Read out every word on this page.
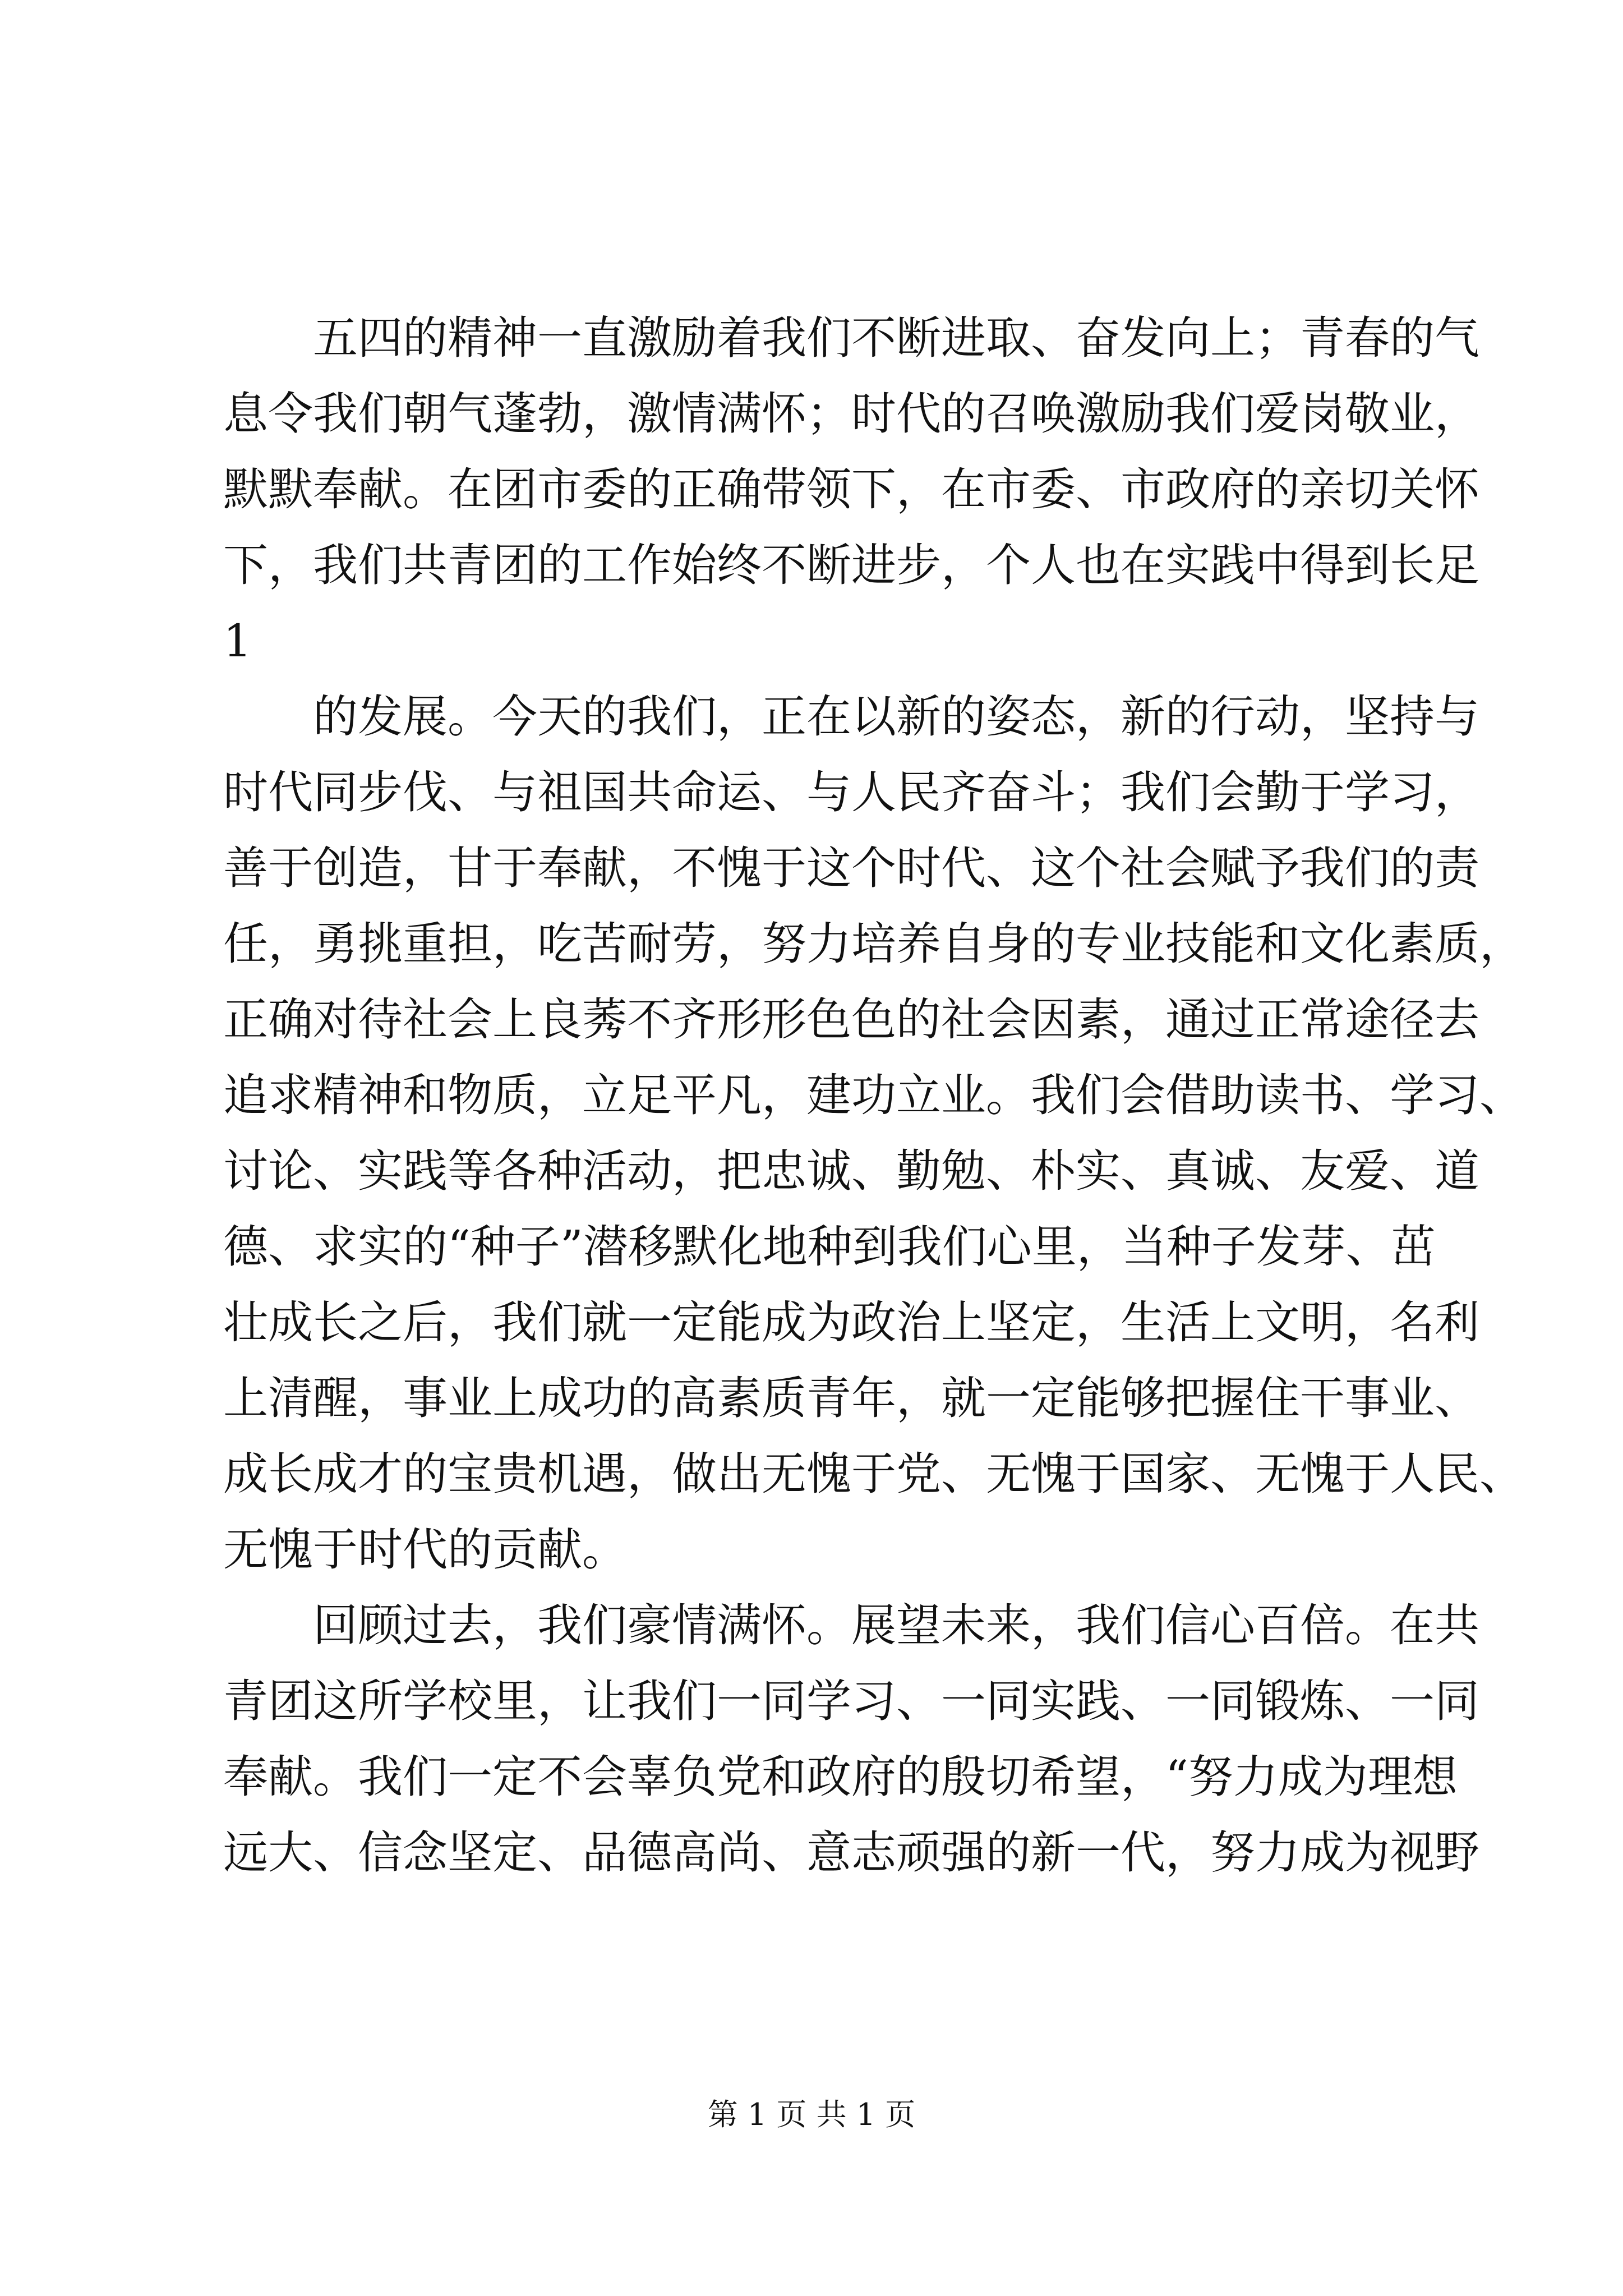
五四的精神一直激励着我们不断进取、奋发向上；青春的气
息令我们朝气蓬勃，激情满怀；时代的召唤激励我们爱岗敬业，
默默奉献。在团市委的正确带领下，在市委、市政府的亲切关怀
下，我们共青团的工作始终不断进步，个人也在实践中得到长足
1
的发展。今天的我们，正在以新的姿态，新的行动，坚持与
时代同步伐、与祖国共命运、与人民齐奋斗；我们会勤于学习，
善于创造，甘于奉献，不愧于这个时代、这个社会赋予我们的责
任，勇挑重担，吃苦耐劳，努力培养自身的专业技能和文化素质，
正确对待社会上良莠不齐形形色色的社会因素，通过正常途径去
追求精神和物质，立足平凡，建功立业。我们会借助读书、学习、
讨论、实践等各种活动，把忠诚、勤勉、朴实、真诚、友爱、道
德、求实的“种子”潜移默化地种到我们心里，当种子发芽、茁
壮成长之后，我们就一定能成为政治上坚定，生活上文明，名利
上清醒，事业上成功的高素质青年，就一定能够把握住干事业、
成长成才的宝贵机遇，做出无愧于党、无愧于国家、无愧于人民、
无愧于时代的贡献。
回顾过去，我们豪情满怀。展望未来，我们信心百倍。在共
青团这所学校里，让我们一同学习、一同实践、一同锻炼、一同
奉献。我们一定不会辜负党和政府的殷切希望，“努力成为理想
远大、信念坚定、品德高尚、意志顽强的新一代，努力成为视野
第 1 页 共 1 页
